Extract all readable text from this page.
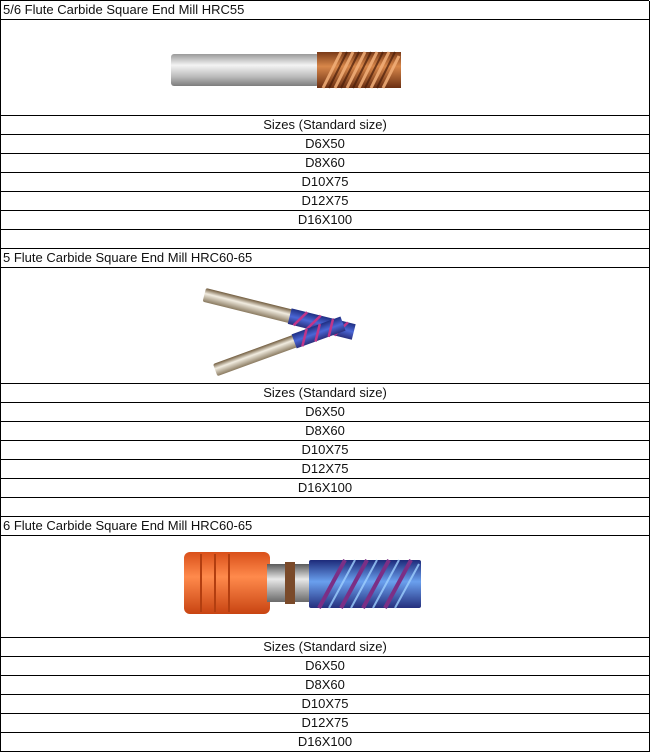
5/6 Flute Carbide Square End Mill HRC55
Sizes (Standard size)
D6X50
D8X60
D10X75
D12X75
D16X100
5 Flute Carbide Square End Mill HRC60-65
Sizes (Standard size)
D6X50
D8X60
D10X75
D12X75
D16X100
6 Flute Carbide Square End Mill HRC60-65
Sizes (Standard size)
D6X50
D8X60
D10X75
D12X75
D16X100
